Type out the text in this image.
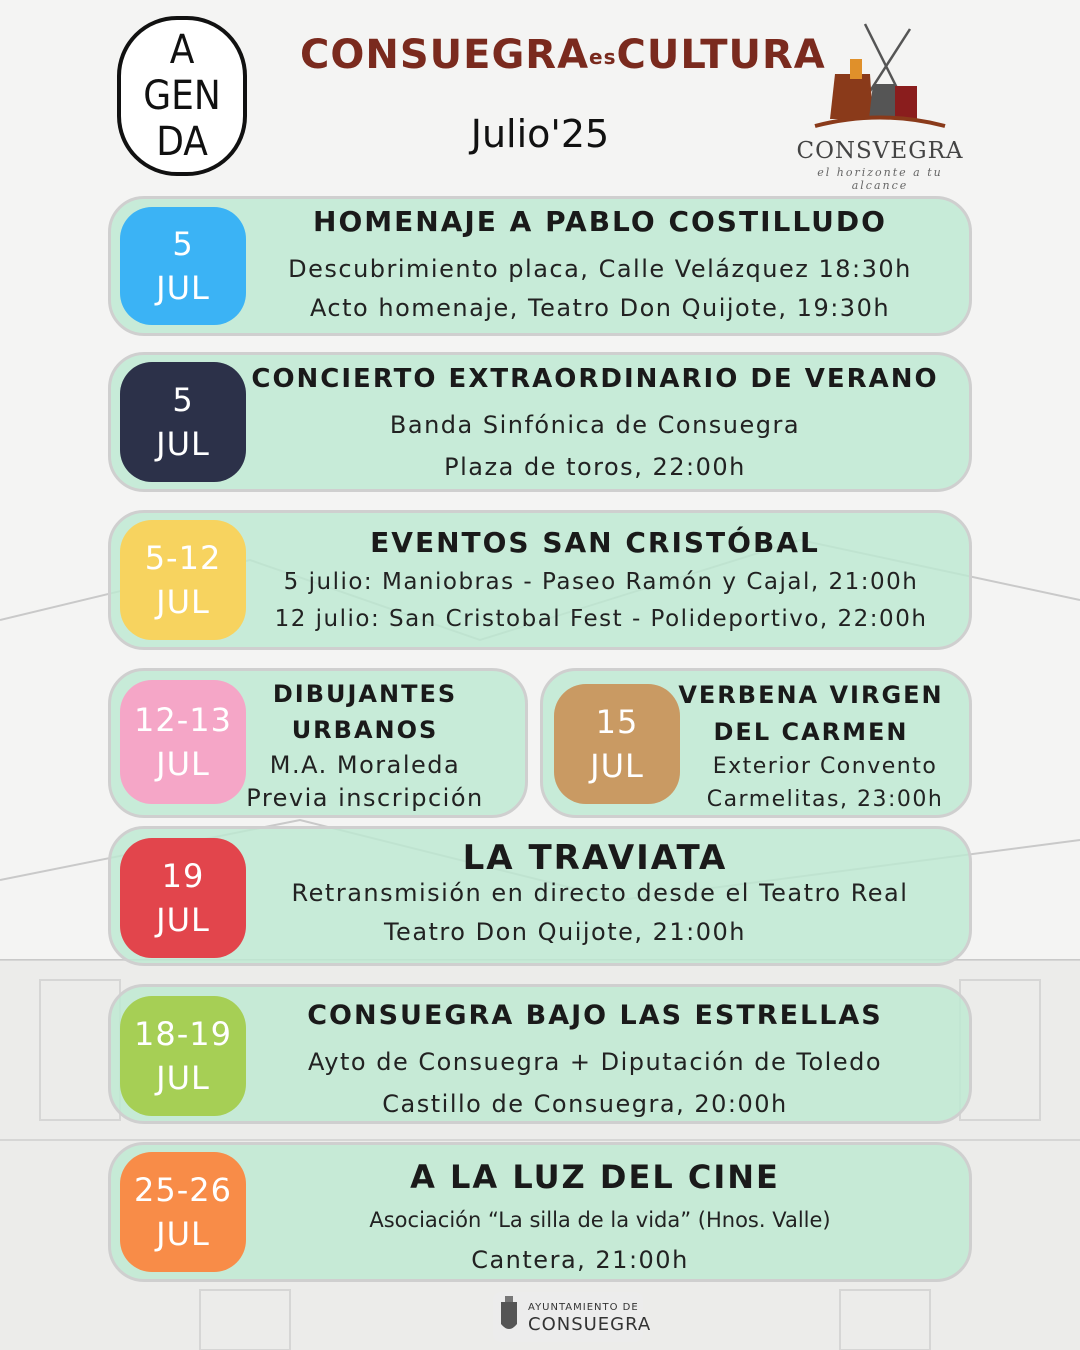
A
GEN
DA
CONSUEGRAesCULTURA
Julio'25	CONSVEGRA
el horizonte a tu alcance
5
JUL
HOMENAJE A PABLO COSTILLUDO
Descubrimiento placa, Calle Velázquez 18:30h
Acto homenaje, Teatro Don Quijote, 19:30h
5
JUL
CONCIERTO EXTRAORDINARIO DE VERANO
Banda Sinfónica de Consuegra
Plaza de toros, 22:00h
5-12
JUL
EVENTOS SAN CRISTÓBAL
5 julio: Maniobras - Paseo Ramón y Cajal, 21:00h
12 julio: San Cristobal Fest - Polideportivo, 22:00h
12-13
JUL
DIBUJANTES
URBANOS
M.A. Moraleda
Previa inscripción
15
JUL
VERBENA VIRGEN
DEL CARMEN
Exterior Convento
Carmelitas, 23:00h
19
JUL
LA TRAVIATA
Retransmisión en directo desde el Teatro Real
Teatro Don Quijote, 21:00h
18-19
JUL
CONSUEGRA BAJO LAS ESTRELLAS
Ayto de Consuegra + Diputación de Toledo
Castillo de Consuegra, 20:00h
25-26
JUL
A LA LUZ DEL CINE
Asociación “La silla de la vida” (Hnos. Valle)
Cantera, 21:00h
AYUNTAMIENTO DE
CONSUEGRA
